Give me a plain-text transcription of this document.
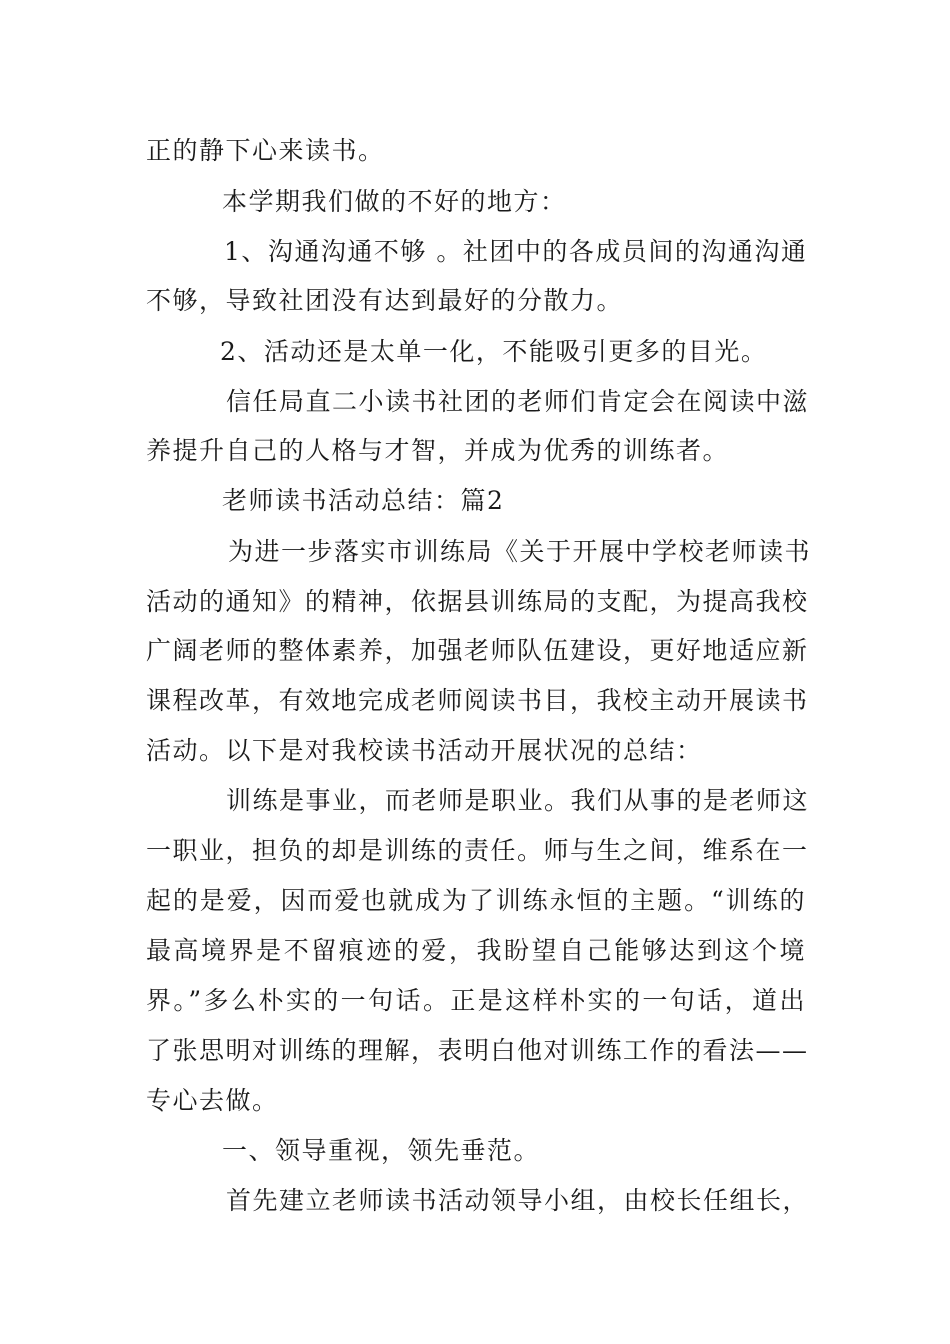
正的静下心来读书。
本学期我们做的不好的地方：
1、沟通沟通不够 。社团中的各成员间的沟通沟通
不够，导致社团没有达到最好的分散力。
2、活动还是太单一化，不能吸引更多的目光。
信任局直二小读书社团的老师们肯定会在阅读中滋
养提升自己的人格与才智，并成为优秀的训练者。
老师读书活动总结：篇2
为进一步落实市训练局《关于开展中学校老师读书
活动的通知》的精神，依据县训练局的支配，为提高我校
广阔老师的整体素养，加强老师队伍建设，更好地适应新
课程改革，有效地完成老师阅读书目，我校主动开展读书
活动。以下是对我校读书活动开展状况的总结：
训练是事业，而老师是职业。我们从事的是老师这
一职业，担负的却是训练的责任。师与生之间，维系在一
起的是爱，因而爱也就成为了训练永恒的主题。“训练的
最高境界是不留痕迹的爱，我盼望自己能够达到这个境
界。”多么朴实的一句话。正是这样朴实的一句话，道出
了张思明对训练的理解，表明白他对训练工作的看法——
专心去做。
一、领导重视，领先垂范。
首先建立老师读书活动领导小组，由校长任组长，
